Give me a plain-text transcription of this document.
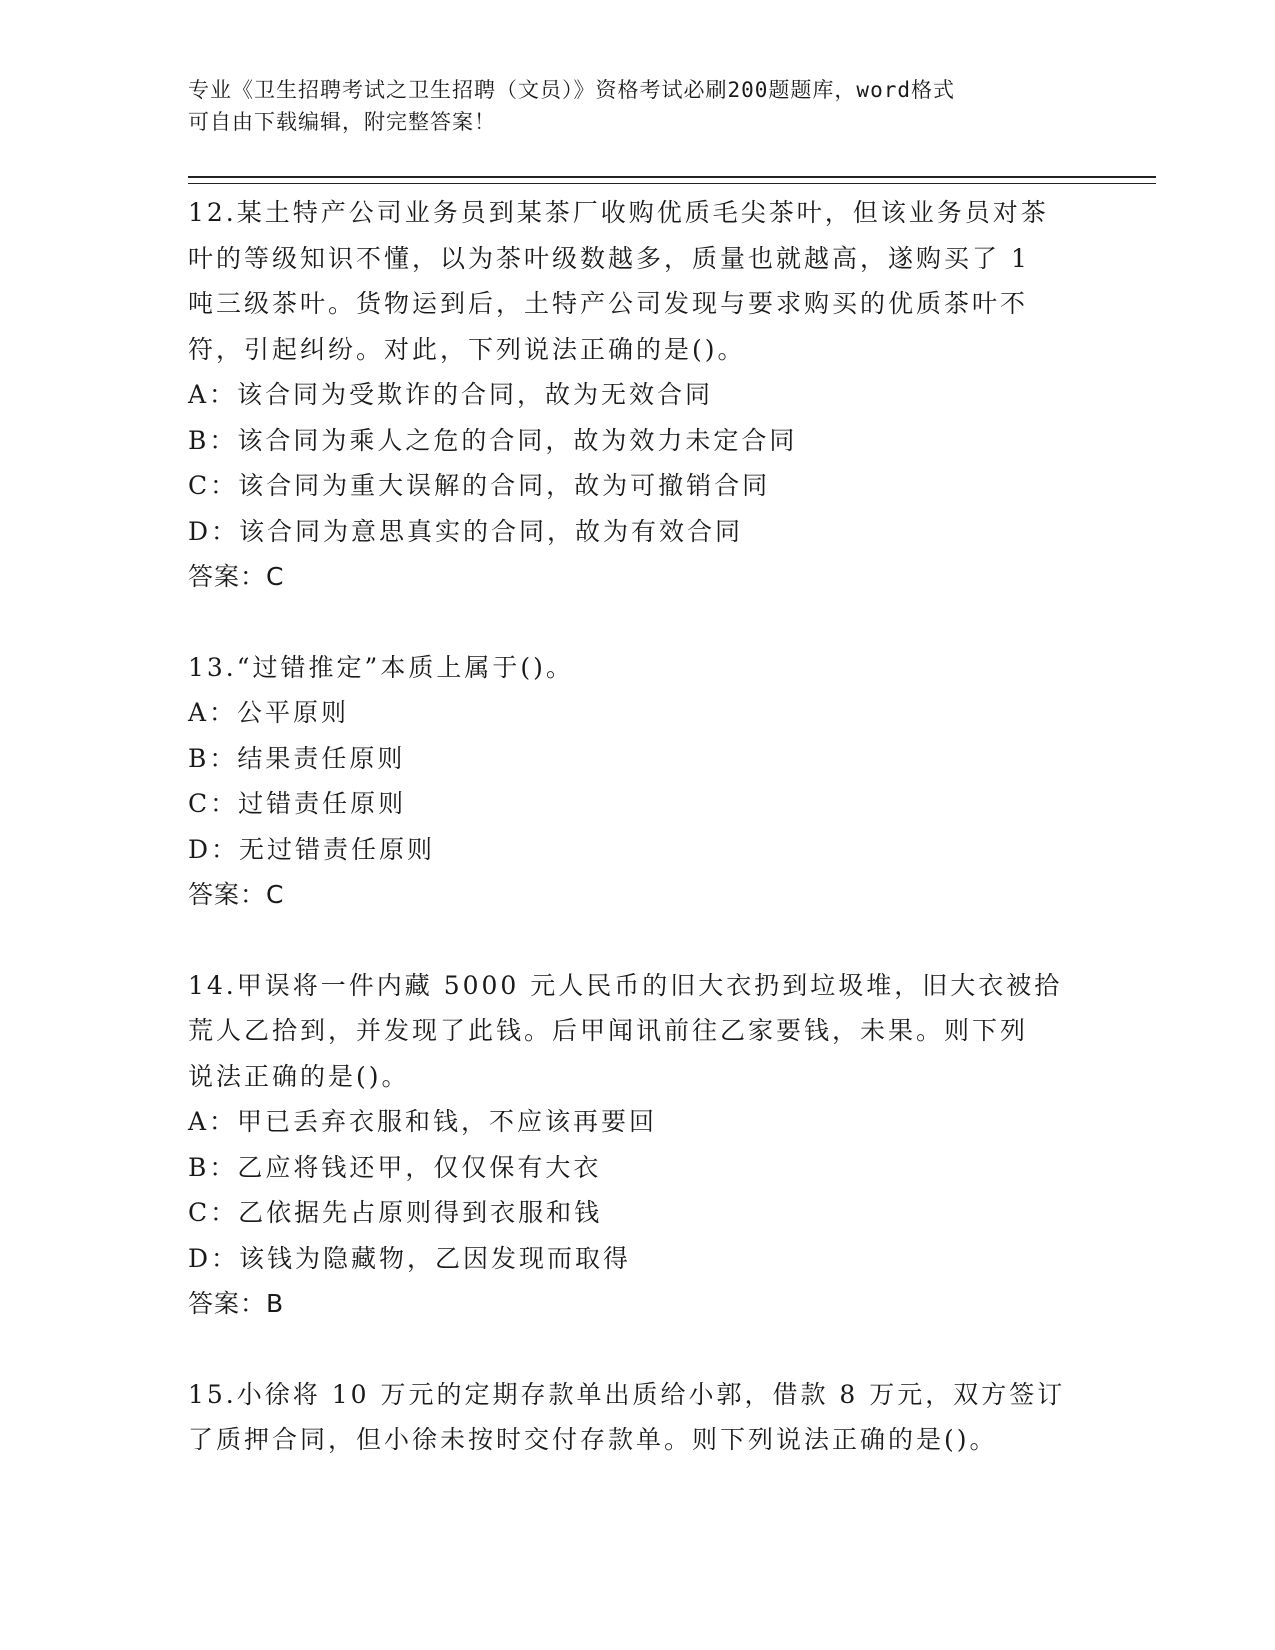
专业《卫生招聘考试之卫生招聘（文员）》资格考试必刷200题题库，word格式
可自由下载编辑，附完整答案！

12.某土特产公司业务员到某茶厂收购优质毛尖茶叶，但该业务员对茶

叶的等级知识不懂，以为茶叶级数越多，质量也就越高，遂购买了 1

吨三级茶叶。货物运到后，土特产公司发现与要求购买的优质茶叶不

符，引起纠纷。对此，下列说法正确的是()。

A：该合同为受欺诈的合同，故为无效合同

B：该合同为乘人之危的合同，故为效力未定合同

C：该合同为重大误解的合同，故为可撤销合同

D：该合同为意思真实的合同，故为有效合同

答案：C

13.“过错推定”本质上属于()。

A：公平原则

B：结果责任原则

C：过错责任原则

D：无过错责任原则

答案：C

14.甲误将一件内藏 5000 元人民币的旧大衣扔到垃圾堆，旧大衣被拾

荒人乙拾到，并发现了此钱。后甲闻讯前往乙家要钱，未果。则下列

说法正确的是()。

A：甲已丢弃衣服和钱，不应该再要回

B：乙应将钱还甲，仅仅保有大衣

C：乙依据先占原则得到衣服和钱

D：该钱为隐藏物，乙因发现而取得

答案：B

15.小徐将 10 万元的定期存款单出质给小郭，借款 8 万元，双方签订

了质押合同，但小徐未按时交付存款单。则下列说法正确的是()。
